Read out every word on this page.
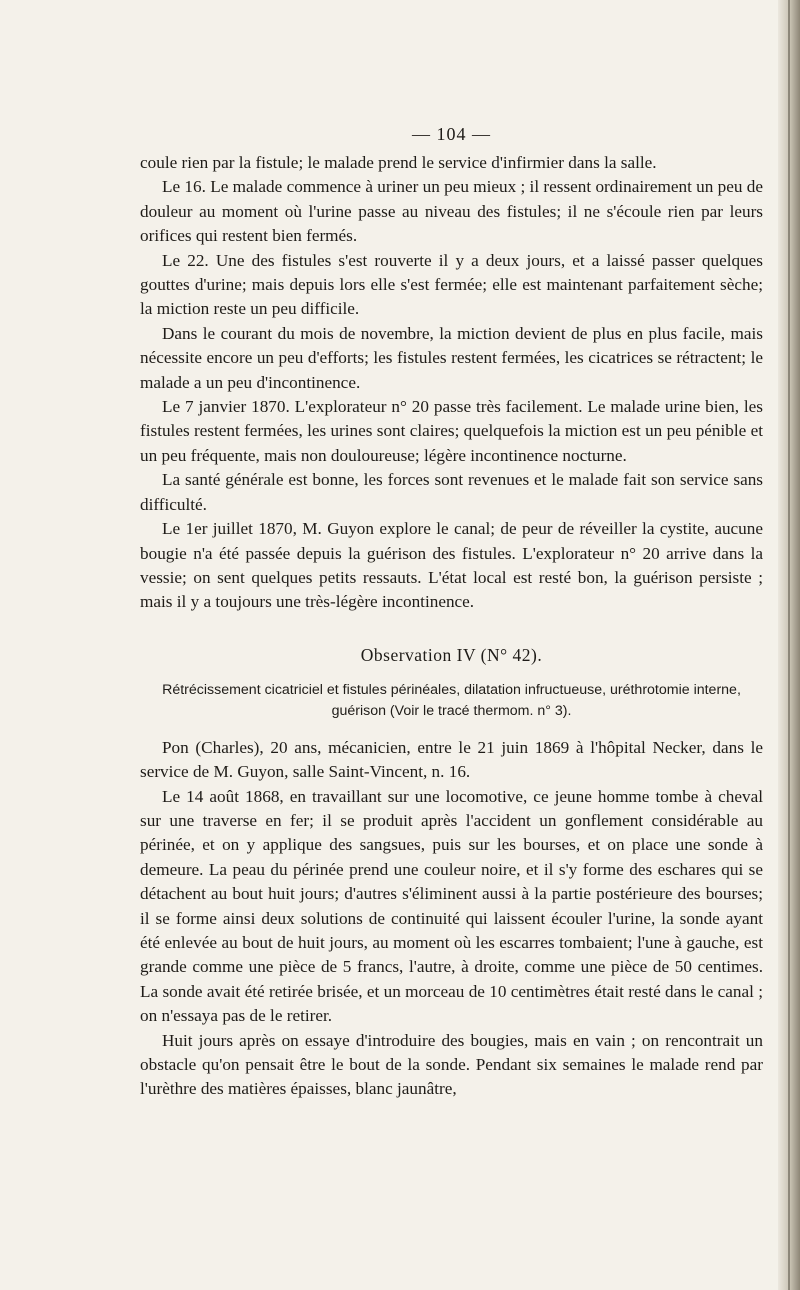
— 104 —

coule rien par la fistule; le malade prend le service d'infirmier dans la salle.

Le 16. Le malade commence à uriner un peu mieux ; il ressent ordinairement un peu de douleur au moment où l'urine passe au niveau des fistules; il ne s'écoule rien par leurs orifices qui restent bien fermés.

Le 22. Une des fistules s'est rouverte il y a deux jours, et a laissé passer quelques gouttes d'urine; mais depuis lors elle s'est fermée; elle est maintenant parfaitement sèche; la miction reste un peu difficile.

Dans le courant du mois de novembre, la miction devient de plus en plus facile, mais nécessite encore un peu d'efforts; les fistules restent fermées, les cicatrices se rétractent; le malade a un peu d'incontinence.

Le 7 janvier 1870. L'explorateur n° 20 passe très facilement. Le malade urine bien, les fistules restent fermées, les urines sont claires; quelquefois la miction est un peu pénible et un peu fréquente, mais non douloureuse; légère incontinence nocturne.

La santé générale est bonne, les forces sont revenues et le malade fait son service sans difficulté.

Le 1er juillet 1870, M. Guyon explore le canal; de peur de réveiller la cystite, aucune bougie n'a été passée depuis la guérison des fistules. L'explorateur n° 20 arrive dans la vessie; on sent quelques petits ressauts. L'état local est resté bon, la guérison persiste ; mais il y a toujours une très-légère incontinence.

Observation IV (N° 42).
Rétrécissement cicatriciel et fistules périnéales, dilatation infructueuse, uréthrotomie interne, guérison (Voir le tracé thermom. n° 3).

Pon (Charles), 20 ans, mécanicien, entre le 21 juin 1869 à l'hôpital Necker, dans le service de M. Guyon, salle Saint-Vincent, n. 16.

Le 14 août 1868, en travaillant sur une locomotive, ce jeune homme tombe à cheval sur une traverse en fer; il se produit après l'accident un gonflement considérable au périnée, et on y applique des sangsues, puis sur les bourses, et on place une sonde à demeure. La peau du périnée prend une couleur noire, et il s'y forme des eschares qui se détachent au bout huit jours; d'autres s'éliminent aussi à la partie postérieure des bourses; il se forme ainsi deux solutions de continuité qui laissent écouler l'urine, la sonde ayant été enlevée au bout de huit jours, au moment où les escarres tombaient; l'une à gauche, est grande comme une pièce de 5 francs, l'autre, à droite, comme une pièce de 50 centimes. La sonde avait été retirée brisée, et un morceau de 10 centimètres était resté dans le canal ; on n'essaya pas de le retirer.

Huit jours après on essaye d'introduire des bougies, mais en vain ; on rencontrait un obstacle qu'on pensait être le bout de la sonde. Pendant six semaines le malade rend par l'urèthre des matières épaisses, blanc jaunâtre,
